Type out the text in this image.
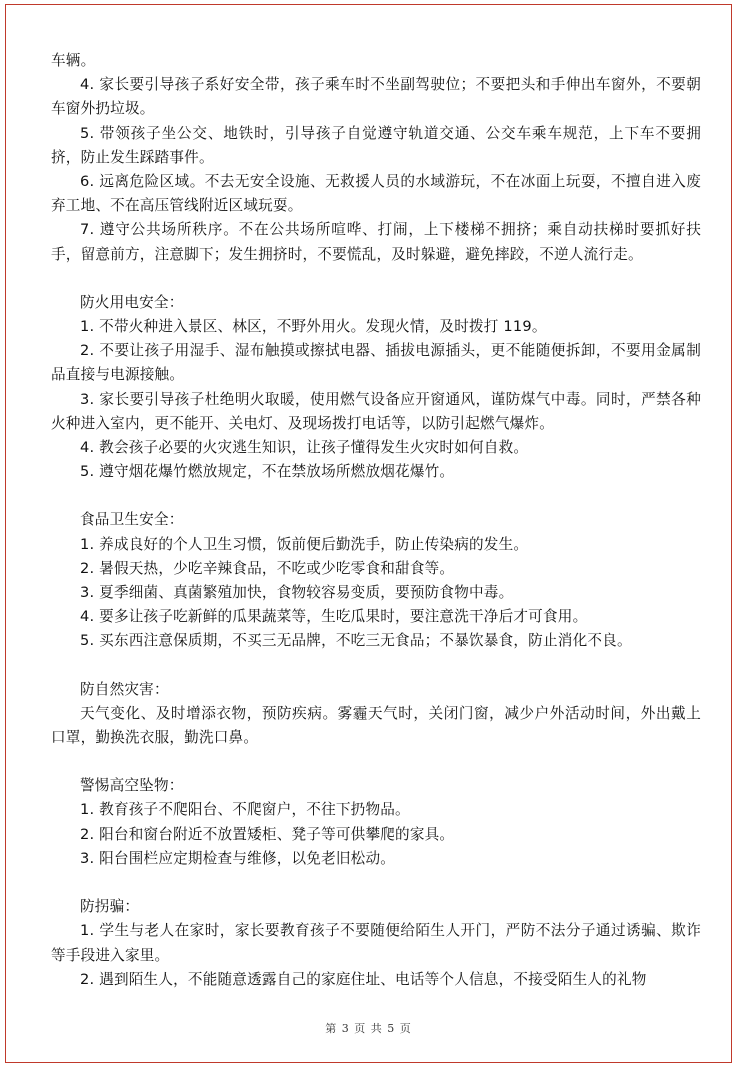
车辆。

4. 家长要引导孩子系好安全带，孩子乘车时不坐副驾驶位；不要把头和手伸出车窗外，不要朝车窗外扔垃圾。

5. 带领孩子坐公交、地铁时，引导孩子自觉遵守轨道交通、公交车乘车规范，上下车不要拥挤，防止发生踩踏事件。

6. 远离危险区域。不去无安全设施、无救援人员的水域游玩，不在冰面上玩耍，不擅自进入废弃工地、不在高压管线附近区域玩耍。

7. 遵守公共场所秩序。不在公共场所喧哗、打闹，上下楼梯不拥挤；乘自动扶梯时要抓好扶手，留意前方，注意脚下；发生拥挤时，不要慌乱，及时躲避，避免摔跤，不逆人流行走。

防火用电安全：

1. 不带火种进入景区、林区，不野外用火。发现火情，及时拨打 119。

2. 不要让孩子用湿手、湿布触摸或擦拭电器、插拔电源插头，更不能随便拆卸，不要用金属制品直接与电源接触。

3. 家长要引导孩子杜绝明火取暖，使用燃气设备应开窗通风，谨防煤气中毒。同时，严禁各种火种进入室内，更不能开、关电灯、及现场拨打电话等，以防引起燃气爆炸。

4. 教会孩子必要的火灾逃生知识，让孩子懂得发生火灾时如何自救。

5. 遵守烟花爆竹燃放规定，不在禁放场所燃放烟花爆竹。

食品卫生安全：

1. 养成良好的个人卫生习惯，饭前便后勤洗手，防止传染病的发生。

2. 暑假天热，少吃辛辣食品，不吃或少吃零食和甜食等。

3. 夏季细菌、真菌繁殖加快，食物较容易变质，要预防食物中毒。

4. 要多让孩子吃新鲜的瓜果蔬菜等，生吃瓜果时，要注意洗干净后才可食用。

5. 买东西注意保质期，不买三无品牌，不吃三无食品；不暴饮暴食，防止消化不良。

防自然灾害：

天气变化、及时增添衣物，预防疾病。雾霾天气时，关闭门窗，减少户外活动时间，外出戴上口罩，勤换洗衣服，勤洗口鼻。

警惕高空坠物：

1. 教育孩子不爬阳台、不爬窗户，不往下扔物品。

2. 阳台和窗台附近不放置矮柜、凳子等可供攀爬的家具。

3. 阳台围栏应定期检查与维修，以免老旧松动。

防拐骗：

1. 学生与老人在家时，家长要教育孩子不要随便给陌生人开门，严防不法分子通过诱骗、欺诈等手段进入家里。

2. 遇到陌生人，不能随意透露自己的家庭住址、电话等个人信息，不接受陌生人的礼物

第 3 页 共 5 页
